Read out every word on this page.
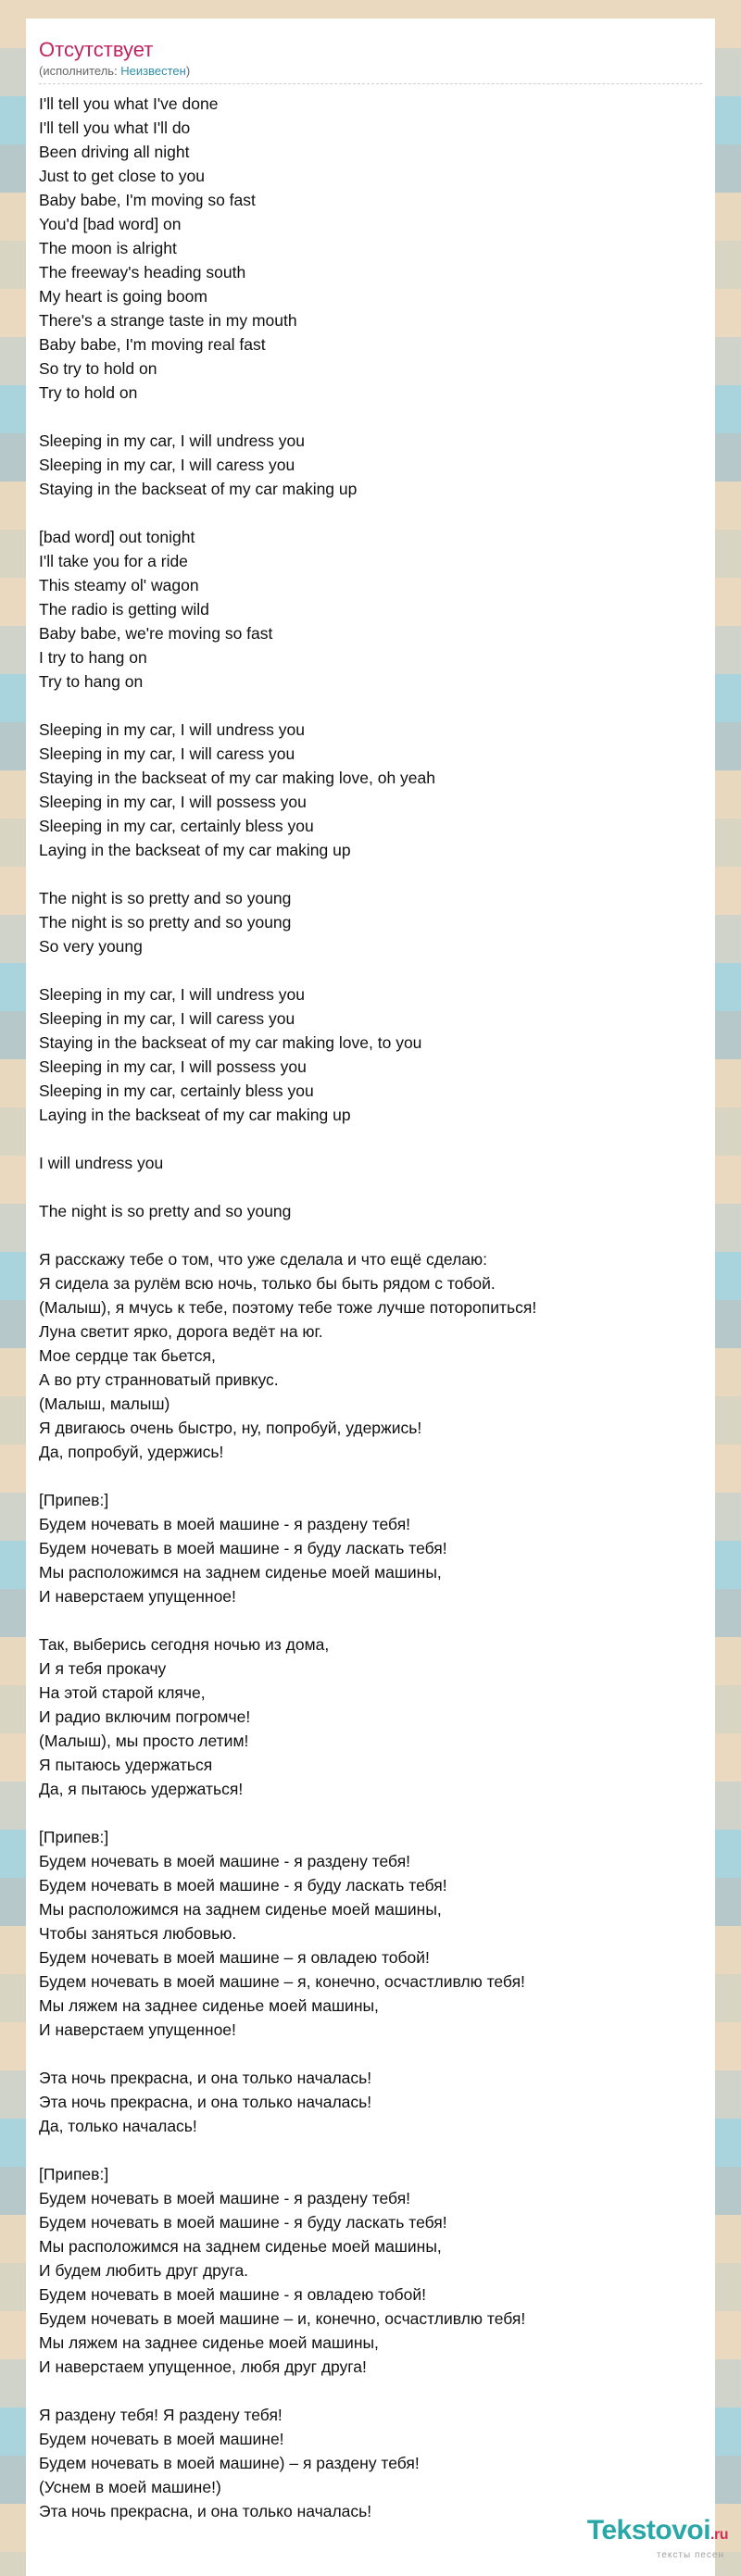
Отсутствует
(исполнитель: Неизвестен)
I'll tell you what I've done
I'll tell you what I'll do
Been driving all night
Just to get close to you
Baby babe, I'm moving so fast
You'd [bad word] on
The moon is alright
The freeway's heading south
My heart is going boom
There's a strange taste in my mouth
Baby babe, I'm moving real fast
So try to hold on
Try to hold on
Sleeping in my car, I will undress you
Sleeping in my car, I will caress you
Staying in the backseat of my car making up
[bad word] out tonight
I'll take you for a ride
This steamy ol' wagon
The radio is getting wild
Baby babe, we're moving so fast
I try to hang on
Try to hang on
Sleeping in my car, I will undress you
Sleeping in my car, I will caress you
Staying in the backseat of my car making love, oh yeah
Sleeping in my car, I will possess you
Sleeping in my car, certainly bless you
Laying in the backseat of my car making up
The night is so pretty and so young
The night is so pretty and so young
So very young
Sleeping in my car, I will undress you
Sleeping in my car, I will caress you
Staying in the backseat of my car making love, to you
Sleeping in my car, I will possess you
Sleeping in my car, certainly bless you
Laying in the backseat of my car making up
I will undress you
The night is so pretty and so young
Я расскажу тебе о том, что уже сделала и что ещё сделаю:
Я сидела за рулём всю ночь, только бы быть рядом с тобой.
(Малыш), я мчусь к тебе, поэтому тебе тоже лучше поторопиться!
Луна светит ярко, дорога ведёт на юг.
Мое сердце так бьется,
А во рту странноватый привкус.
(Малыш, малыш)
Я двигаюсь очень быстро, ну, попробуй, удержись!
Да, попробуй, удержись!
[Припев:]
Будем ночевать в моей машине - я раздену тебя!
Будем ночевать в моей машине - я буду ласкать тебя!
Мы расположимся на заднем сиденье моей машины,
И наверстаем упущенное!
Так, выберись сегодня ночью из дома,
И я тебя прокачу
На этой старой кляче,
И радио включим погромче!
(Малыш), мы просто летим!
Я пытаюсь удержаться
Да, я пытаюсь удержаться!
[Припев:]
Будем ночевать в моей машине - я раздену тебя!
Будем ночевать в моей машине - я буду ласкать тебя!
Мы расположимся на заднем сиденье моей машины,
Чтобы заняться любовью.
Будем ночевать в моей машине – я овладею тобой!
Будем ночевать в моей машине – я, конечно, осчастливлю тебя!
Мы ляжем на заднее сиденье моей машины,
И наверстаем упущенное!
Эта ночь прекрасна, и она только началась!
Эта ночь прекрасна, и она только началась!
Да, только началась!
[Припев:]
Будем ночевать в моей машине - я раздену тебя!
Будем ночевать в моей машине - я буду ласкать тебя!
Мы расположимся на заднем сиденье моей машины,
И будем любить друг друга.
Будем ночевать в моей машине - я овладею тобой!
Будем ночевать в моей машине – и, конечно, осчастливлю тебя!
Мы ляжем на заднее сиденье моей машины,
И наверстаем упущенное, любя друг друга!
Я раздену тебя! Я раздену тебя!
Будем ночевать в моей машине!
Будем ночевать в моей машине) – я раздену тебя!
(Уснем в моей машине!)
Эта ночь прекрасна, и она только началась!
Tekstovoi.ru
тексты песен
